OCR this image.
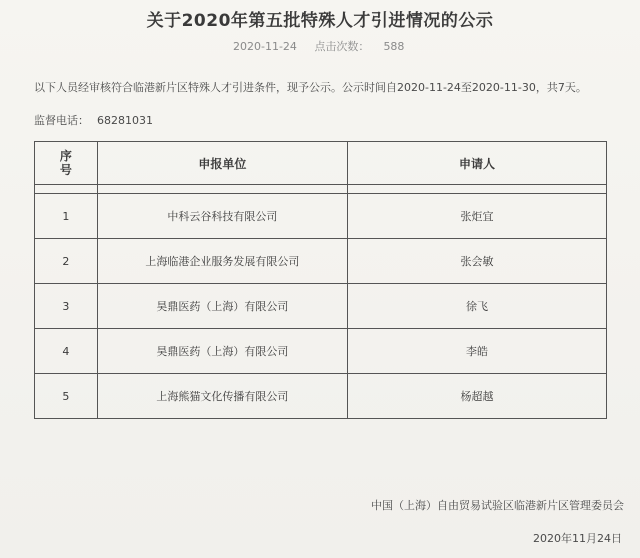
关于2020年第五批特殊人才引进情况的公示
2020-11-24 点击次数： 588
以下人员经审核符合临港新片区特殊人才引进条件，现予公示。公示时间自2020-11-24至2020-11-30，共7天。
监督电话： 68281031
序
号	申报单位	申请人

1	中科云谷科技有限公司	张炬宜
2	上海临港企业服务发展有限公司	张会敏
3	昊鼎医药（上海）有限公司	徐飞
4	昊鼎医药（上海）有限公司	李皓
5	上海熊猫文化传播有限公司	杨超越
中国（上海）自由贸易试验区临港新片区管理委员会
2020年11月24日
